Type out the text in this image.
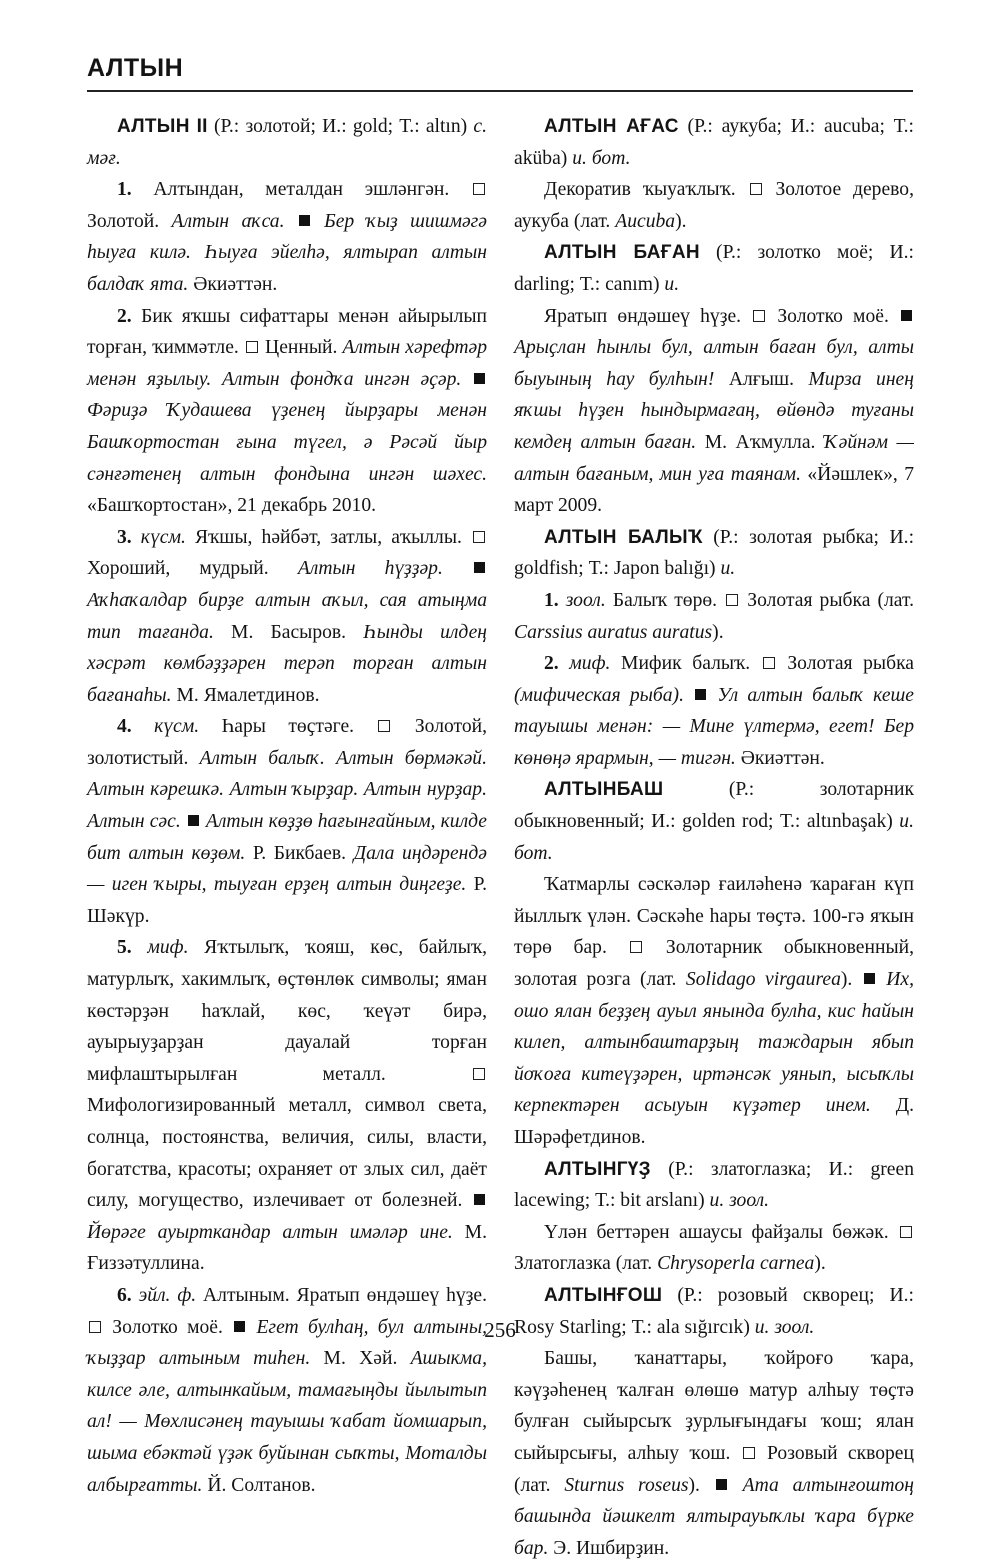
АЛТЫН

АЛТЫН II (Р.: золотой; И.: gold; Т.: altın) с. мәғ.

1. Алтындан, металдан эшләнгән.  Золотой. Алтын аҡса.  Бер ҡыҙ шишмәгә һыуға килә. Һыуға эйелһә, ялтырап алтын балдаҡ ята. Әкиәттән.

2. Бик яҡшы сифаттары менән айырылып торған, ҡиммәтле.  Ценный. Алтын хәрефтәр менән яҙылыу. Алтын фондҡа ингән әҫәр.  Фәриҙә Ҡудашева үҙенең йырҙары менән Башҡортостан ғына түгел, ә Рәсәй йыр сәнғәтенең алтын фондына ингән шәхес. «Башҡортостан», 21 декабрь 2010.

3. күсм. Яҡшы, һәйбәт, затлы, аҡыллы.  Хороший, мудрый. Алтын һүҙҙәр.  Аҡһаҡалдар бирҙе алтын аҡыл, сая атыңма тип тағанда. М. Басыров. Һынды илдең хәсрәт көмбәҙҙәрен терәп торған алтын бағанаһы. М. Ямалетдинов.

4. күсм. Һары төҫтәге.  Золотой, золотистый. Алтын балыҡ. Алтын бөрмәкәй. Алтын кәрешкә. Алтын ҡырҙар. Алтын нурҙар. Алтын сәс.  Алтын көҙҙө һағынғайным, килде бит алтын көҙөм. Р. Бикбаев. Дала иңдәрендә — иген ҡыры, тыуған ерҙең алтын диңгеҙе. Р. Шәкүр.

5. миф. Яҡтылыҡ, ҡояш, көс, байлыҡ, матурлыҡ, хакимлыҡ, өҫтөнлөк символы; яман көстәрҙән һаҡлай, көс, ҡеүәт бирә, ауырыуҙарҙан дауалай торған мифлаштырылған металл.  Мифологизированный металл, символ света, солнца, постоянства, величия, силы, власти, богатства, красоты; охраняет от злых сил, даёт силу, могущество, излечивает от болезней.  Йөрәге ауырткандар алтын имәләр ине. М. Ғиззәтуллина.

6. эйл. ф. Алтыным. Яратып өндәшеү һүҙе.  Золотко моё.  Егет булһаң, бул алтыны, ҡыҙҙар алтыным тиһен. М. Хәй. Ашыкма, килсе әле, алтынкайым, тамағыңды йылытып ал! — Мөхлисәнең тауышы ҡабат йомшарып, шыма ебәктәй үҙәк буйынан сыҡты, Моталды албырғатты. Й. Солтанов.

АЛТЫН АҒАС (Р.: аукуба; И.: aucuba; Т.: aküba) и. бот.

Декоратив ҡыуаҡлыҡ.  Золотое дерево, аукуба (лат. Aucuba).

АЛТЫН БАҒАН (Р.: золотко моё; И.: darling; Т.: canım) и.

Яратып өндәшеү һүҙе.  Золотко моё.  Арыҫлан һынлы бул, алтын баған бул, алты быуының һау булһын! Алғыш. Мирза инең яҡшы һүҙен һындырмағаң, өйөндә туғаны кемдең алтын баған. М. Аҡмулла. Ҡәйнәм — алтын бағаным, мин уға таянам. «Йәшлек», 7 март 2009.

АЛТЫН БАЛЫҠ (Р.: золотая рыбка; И.: goldfish; Т.: Japon balığı) и.

1. зоол. Балыҡ төрө.  Золотая рыбка (лат. Carssius auratus auratus).

2. миф. Мифик балыҡ.  Золотая рыбка (мифическая рыба).  Ул алтын балыҡ кеше тауышы менән: — Мине үлтермә, егет! Бер көнөңә ярармын, — тигән. Әкиәттән.

АЛТЫНБАШ (Р.: золотарник обыкновенный; И.: golden rod; Т.: altınbaşak) и. бот.

Ҡатмарлы сәскәләр ғаиләһенә ҡараған күп йыллыҡ үлән. Сәскәһе һары төҫтә. 100-гә яҡын төрө бар.  Золотарник обыкновенный, золотая розга (лат. Solidago virgaurea).  Их, ошо ялан беҙҙең ауыл янында булһа, кис һайын килеп, алтынбаштарҙың таждарын ябып йоҡоға китеүҙәрен, иртәнсәк уянып, ысыҡлы керпектәрен асыуын күҙәтер инем. Д. Шәрәфетдинов.

АЛТЫНГҮҘ (Р.: златоглазка; И.: green lacewing; Т.: bit arslanı) и. зоол.

Үлән беттәрен ашаусы файҙалы бөжәк.  Златоглазка (лат. Chrysoperla carnea).

АЛТЫНҒОШ (Р.: розовый скворец; И.: Rosy Starling; Т.: ala sığırcık) и. зоол.

Башы, ҡанаттары, ҡойроғо ҡара, кәүҙәһенең ҡалған өлөшө матур алһыу төҫтә булған сыйырсыҡ ҙурлығындағы ҡош; ялан сыйырсығы, алһыу ҡош.  Розовый скворец (лат. Sturnus roseus).  Ата алтынғоштоң башында йәшкелт ялтырауыҡлы ҡара бүрке бар. Э. Ишбирҙин.

256
